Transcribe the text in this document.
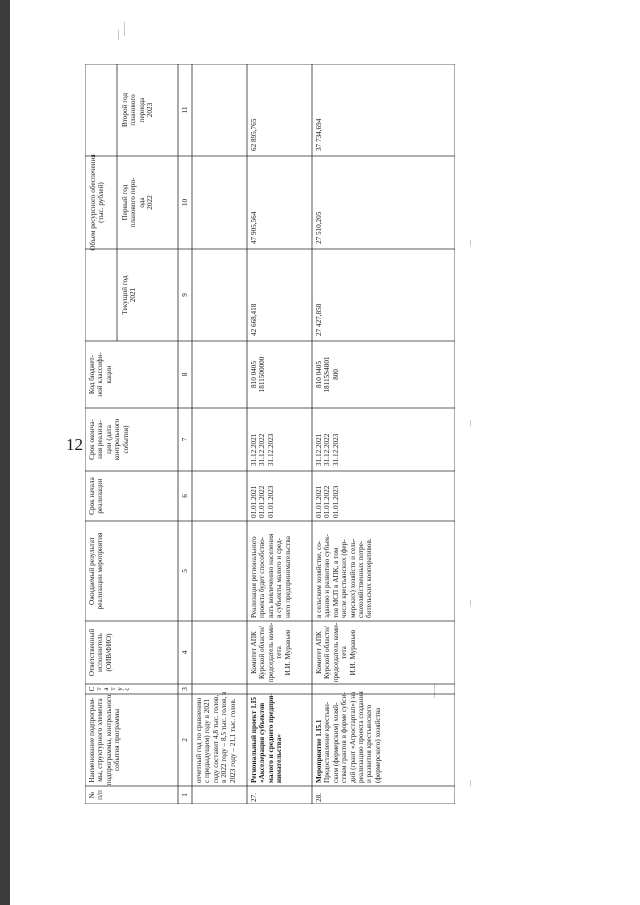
12
№ п/п
Наименование подпрограм- мы, структурного элемента подпрограммы, контрольного события программы
С т а т у с
Ответственный исполнитель (ОИВ/ФИО)
Ожидаемый результат реализации мероприятия
Срок начала реализации
Срок оконча- ния реализа- ции (дата контрольного события)
Код бюджет- ной классифи- кации
Объем ресурсного обеспечения (тыс. рублей)
Текущий год 2021
Первый год планового пери- ода 2022
Второй год планового периода 2023
1
2
3
4
5
6
7
8
9
10
11
отчетный год по сравнению с предыдущим) году в 2021 году составит 4,8 тыс. голов, в 2022 году – 8,5 тыс. голов, в 2023 году – 21,1 тыс. голов.
27.
Региональный проект 1.I5 «Акселерация субъектов малого и среднего предпри- нимательства»
Комитет АПК Курской области/ председатель коми- тета И.И. Муравьев
Реализация регионального проекта будет способство- вать вовлечению населения в субъекты малого и сред- него предпринимательства
01.01.2021 01.01.2022 01.01.2023
31.12.2021 31.12.2022 31.12.2023
810 0405 1811500000
42 668,418
47 905,564
62 895,765
28.
Мероприятие 1.I5.1 Предоставление крестьян- ским (фермерским) хозяй- ствам грантов в форме субси- дий (грант «Агростартап») на реализацию проекта создания и развития крестьянского (фермерского) хозяйства
Комитет АПК Курской области/ председатель коми- тета И.И. Муравьев
в сельском хозяйстве, со- зданию и развитию субъек- тов МСП в АПК, в том числе крестьянских (фер- мерских) хозяйств и сель- скохозяйственных потре- бительских кооперативов.
01.01.2021 01.01.2022 01.01.2023
31.12.2021 31.12.2022 31.12.2023
810 0405 18115S4801 800
27 427,858
27 510,205
37 734,694
